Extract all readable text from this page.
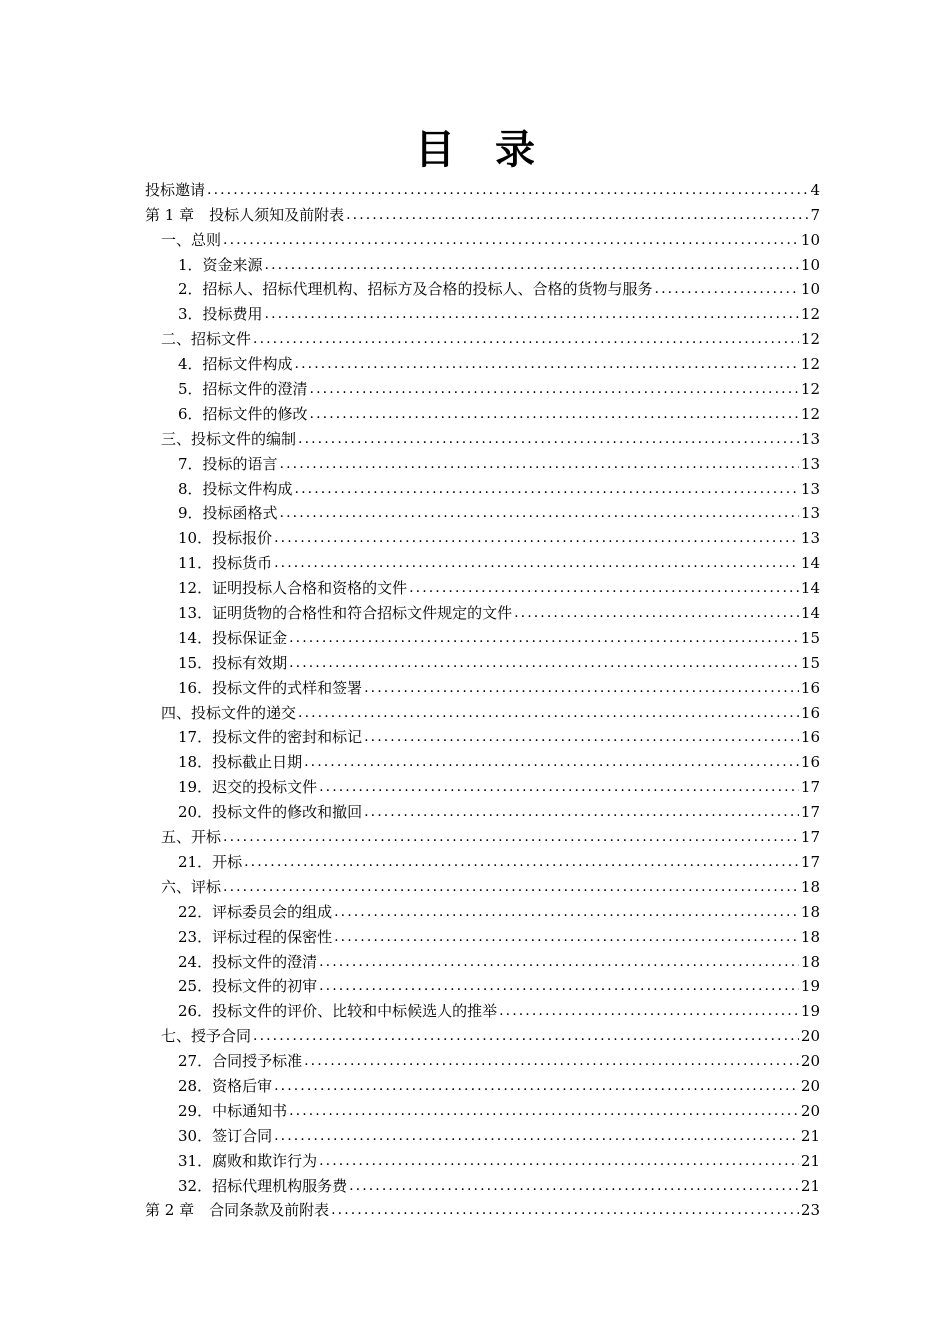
目 录
投标邀请 .....	4
第 1 章　投标人须知及前附表 .....	7
一、总则 .....	10
1．资金来源 .....	10
2．招标人、招标代理机构、招标方及合格的投标人、合格的货物与服务 .....	10
3．投标费用 .....	12
二、招标文件 .....	12
4．招标文件构成 .....	12
5．招标文件的澄清 .....	12
6．招标文件的修改 .....	12
三、投标文件的编制 .....	13
7．投标的语言 .....	13
8．投标文件构成 .....	13
9．投标函格式 .....	13
10．投标报价 .....	13
11．投标货币 .....	14
12．证明投标人合格和资格的文件 .....	14
13．证明货物的合格性和符合招标文件规定的文件 .....	14
14．投标保证金 .....	15
15．投标有效期 .....	15
16．投标文件的式样和签署 .....	16
四、投标文件的递交 .....	16
17．投标文件的密封和标记 .....	16
18．投标截止日期 .....	16
19．迟交的投标文件 .....	17
20．投标文件的修改和撤回 .....	17
五、开标 .....	17
21．开标 .....	17
六、评标 .....	18
22．评标委员会的组成 .....	18
23．评标过程的保密性 .....	18
24．投标文件的澄清 .....	18
25．投标文件的初审 .....	19
26．投标文件的评价、比较和中标候选人的推举 .....	19
七、授予合同 .....	20
27．合同授予标准 .....	20
28．资格后审 .....	20
29．中标通知书 .....	20
30．签订合同 .....	21
31．腐败和欺诈行为 .....	21
32．招标代理机构服务费 .....	21
第 2 章　合同条款及前附表 .....	23
